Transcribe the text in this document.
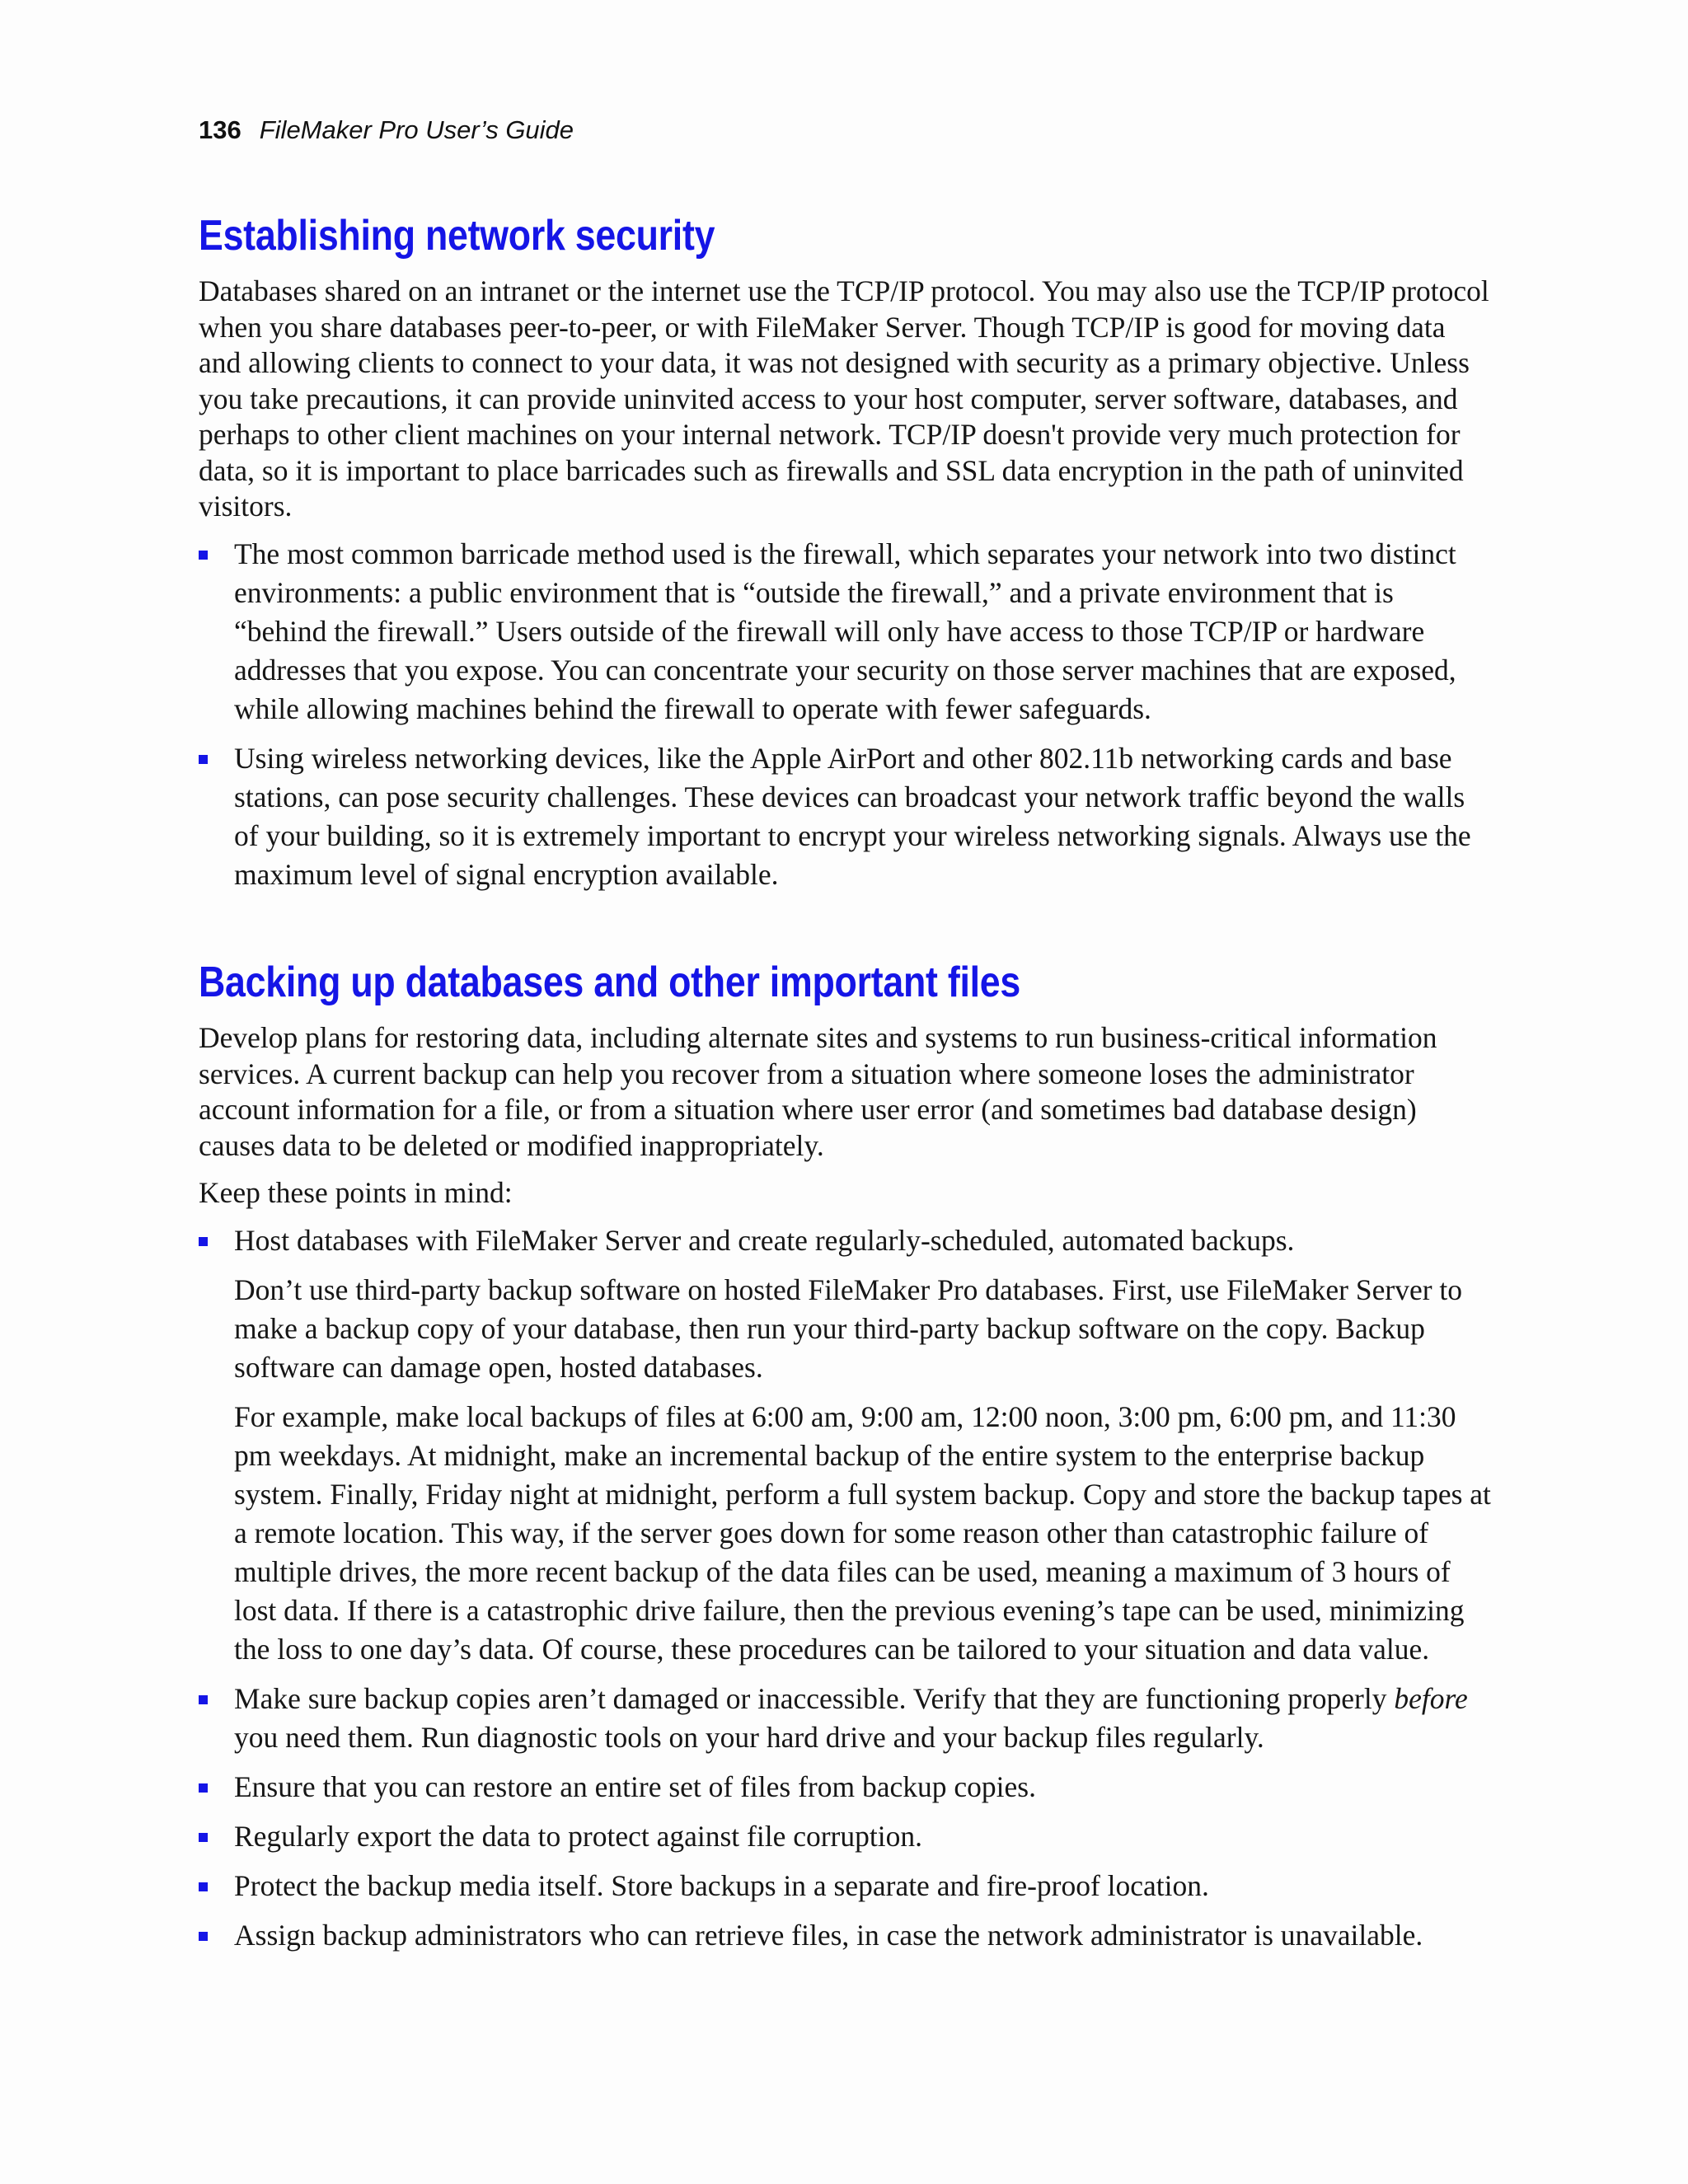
136 FileMaker Pro User’s Guide
Establishing network security

Databases shared on an intranet or the internet use the TCP/IP protocol. You may also use the TCP/IP protocol when you share databases peer-to-peer, or with FileMaker Server. Though TCP/IP is good for moving data and allowing clients to connect to your data, it was not designed with security as a primary objective. Unless you take precautions, it can provide uninvited access to your host computer, server software, databases, and perhaps to other client machines on your internal network. TCP/IP doesn't provide very much protection for data, so it is important to place barricades such as firewalls and SSL data encryption in the path of uninvited visitors.

The most common barricade method used is the firewall, which separates your network into two distinct environments: a public environment that is “outside the firewall,” and a private environment that is “behind the firewall.” Users outside of the firewall will only have access to those TCP/IP or hardware addresses that you expose. You can concentrate your security on those server machines that are exposed, while allowing machines behind the firewall to operate with fewer safeguards.
Using wireless networking devices, like the Apple AirPort and other 802.11b networking cards and base stations, can pose security challenges. These devices can broadcast your network traffic beyond the walls of your building, so it is extremely important to encrypt your wireless networking signals. Always use the maximum level of signal encryption available.
Backing up databases and other important files

Develop plans for restoring data, including alternate sites and systems to run business-critical information services. A current backup can help you recover from a situation where someone loses the administrator account information for a file, or from a situation where user error (and sometimes bad database design) causes data to be deleted or modified inappropriately.

Keep these points in mind:

Host databases with FileMaker Server and create regularly-scheduled, automated backups.

Don’t use third-party backup software on hosted FileMaker Pro databases. First, use FileMaker Server to make a backup copy of your database, then run your third-party backup software on the copy. Backup software can damage open, hosted databases.

For example, make local backups of files at 6:00 am, 9:00 am, 12:00 noon, 3:00 pm, 6:00 pm, and 11:30 pm weekdays. At midnight, make an incremental backup of the entire system to the enterprise backup system. Finally, Friday night at midnight, perform a full system backup. Copy and store the backup tapes at a remote location. This way, if the server goes down for some reason other than catastrophic failure of multiple drives, the more recent backup of the data files can be used, meaning a maximum of 3 hours of lost data. If there is a catastrophic drive failure, then the previous evening’s tape can be used, minimizing the loss to one day’s data. Of course, these procedures can be tailored to your situation and data value.

Make sure backup copies aren’t damaged or inaccessible. Verify that they are functioning properly before you need them. Run diagnostic tools on your hard drive and your backup files regularly.
Ensure that you can restore an entire set of files from backup copies.
Regularly export the data to protect against file corruption.
Protect the backup media itself. Store backups in a separate and fire-proof location.
Assign backup administrators who can retrieve files, in case the network administrator is unavailable.
